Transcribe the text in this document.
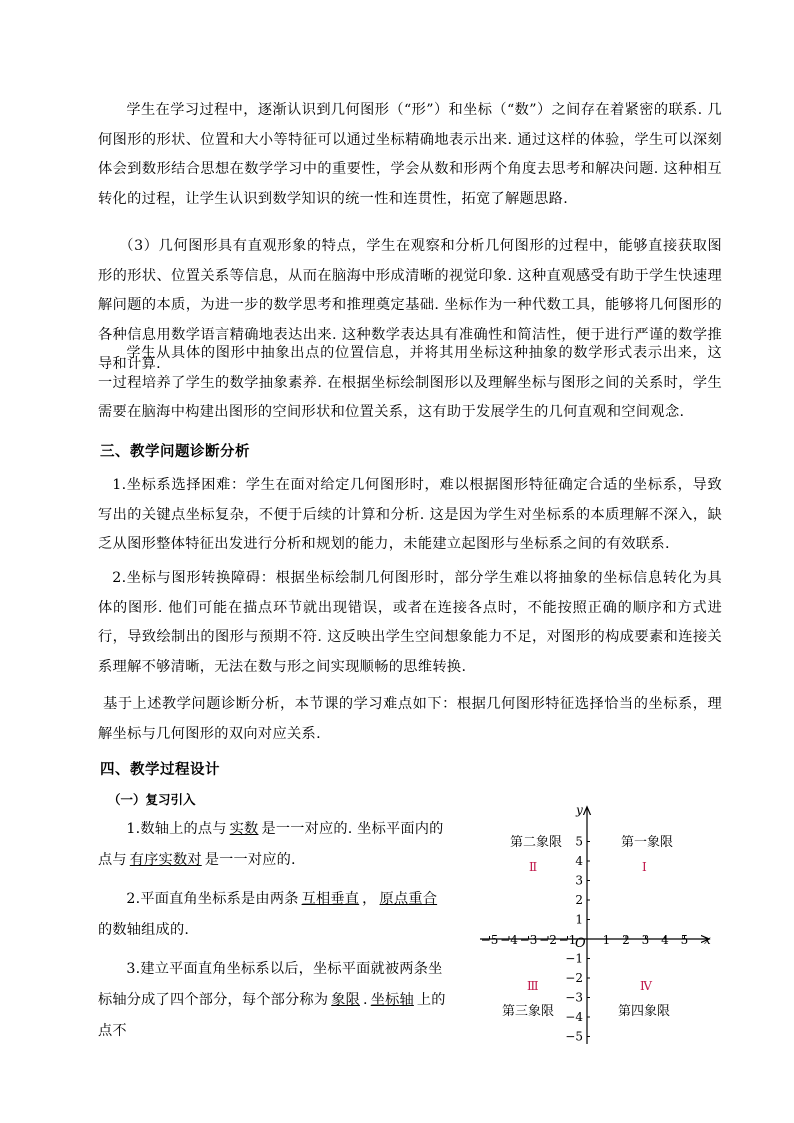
学生在学习过程中，逐渐认识到几何图形（“形”）和坐标（“数”）之间存在着紧密的联系. 几何图形的形状、位置和大小等特征可以通过坐标精确地表示出来. 通过这样的体验，学生可以深刻体会到数形结合思想在数学学习中的重要性，学会从数和形两个角度去思考和解决问题. 这种相互转化的过程，让学生认识到数学知识的统一性和连贯性，拓宽了解题思路.

（3）几何图形具有直观形象的特点，学生在观察和分析几何图形的过程中，能够直接获取图形的形状、位置关系等信息，从而在脑海中形成清晰的视觉印象. 这种直观感受有助于学生快速理解问题的本质，为进一步的数学思考和推理奠定基础. 坐标作为一种代数工具，能够将几何图形的各种信息用数学语言精确地表达出来. 这种数学表达具有准确性和简洁性，便于进行严谨的数学推导和计算.

学生从具体的图形中抽象出点的位置信息，并将其用坐标这种抽象的数学形式表示出来，这一过程培养了学生的数学抽象素养. 在根据坐标绘制图形以及理解坐标与图形之间的关系时，学生需要在脑海中构建出图形的空间形状和位置关系，这有助于发展学生的几何直观和空间观念.

三、教学问题诊断分析

1.坐标系选择困难：学生在面对给定几何图形时，难以根据图形特征确定合适的坐标系，导致写出的关键点坐标复杂，不便于后续的计算和分析. 这是因为学生对坐标系的本质理解不深入，缺乏从图形整体特征出发进行分析和规划的能力，未能建立起图形与坐标系之间的有效联系.

2.坐标与图形转换障碍：根据坐标绘制几何图形时，部分学生难以将抽象的坐标信息转化为具体的图形. 他们可能在描点环节就出现错误，或者在连接各点时，不能按照正确的顺序和方式进行，导致绘制出的图形与预期不符. 这反映出学生空间想象能力不足，对图形的构成要素和连接关系理解不够清晰，无法在数与形之间实现顺畅的思维转换.

基于上述教学问题诊断分析，本节课的学习难点如下：根据几何图形特征选择恰当的坐标系，理解坐标与几何图形的双向对应关系.

四、教学过程设计
（一）复习引入

1.数轴上的点与 实数 是一一对应的. 坐标平面内的点与 有序实数对 是一一对应的.

2.平面直角坐标系是由两条 互相垂直 ， 原点重合的数轴组成的.

3.建立平面直角坐标系以后，坐标平面就被两条坐标轴分成了四个部分，每个部分称为 象限 . 坐标轴 上的点不

y
x
O
−5 −4 −3 −2 −1 1 2 3 4 5
5
4
3
2
1
−1
−2
−3
−4
−5
第一象限
第二象限
第三象限	第四象限
Ⅰ
Ⅱ
Ⅲ	Ⅳ
